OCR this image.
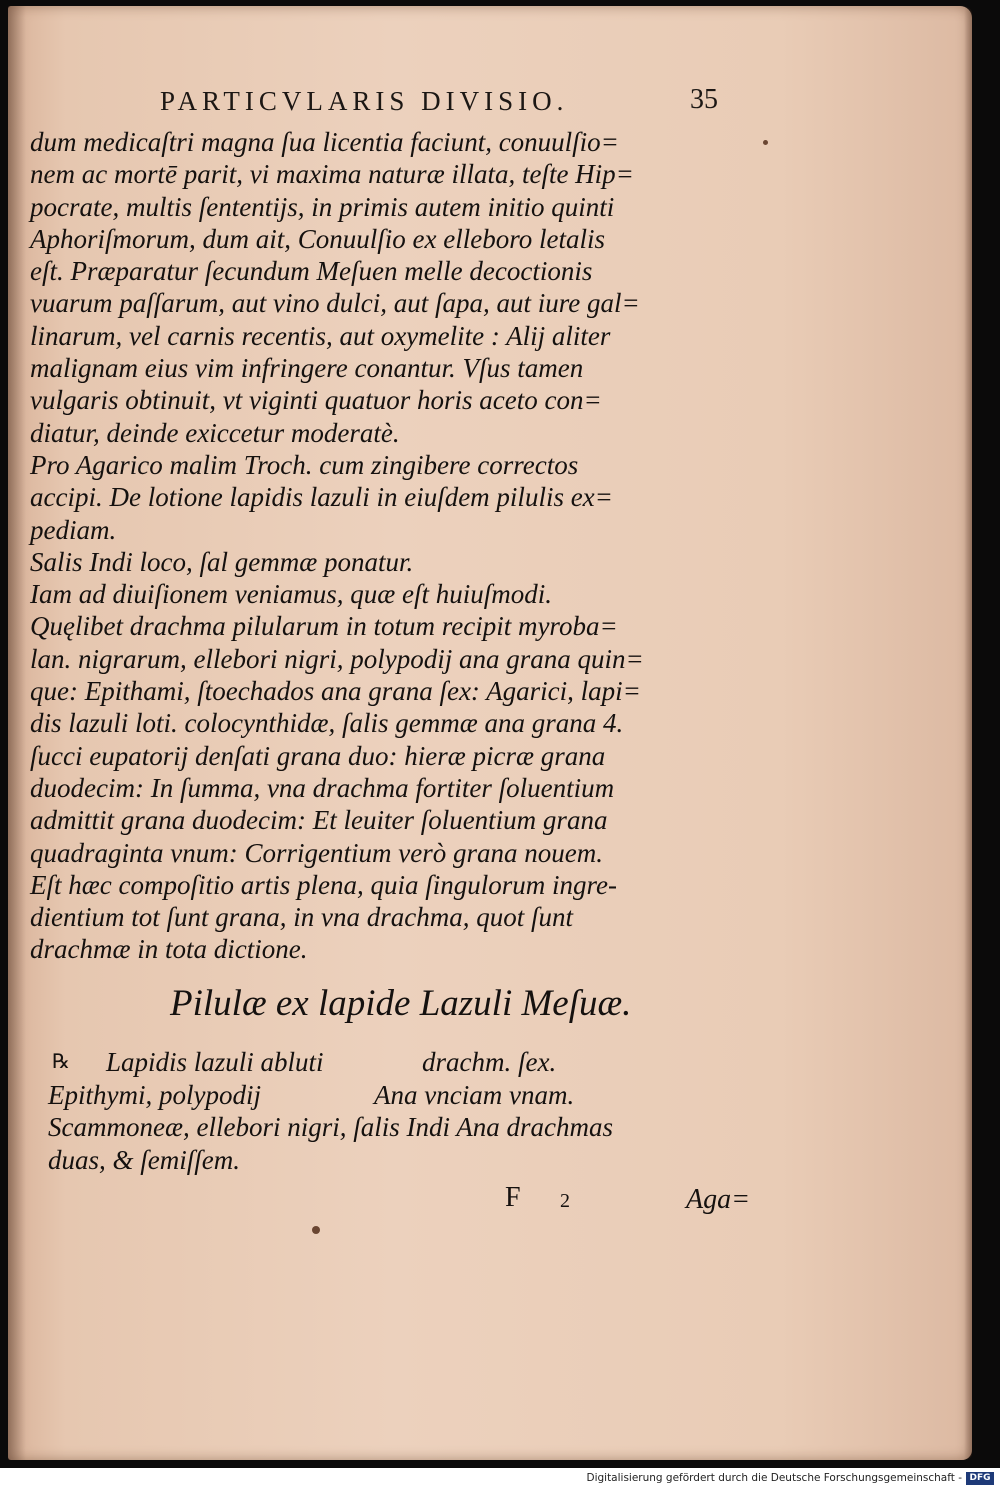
PARTICVLARIS DIVISIO.	35
dum medicaſtri magna ſua licentia faciunt, conuulſio=
nem ac mortē parit, vi maxima naturæ illata, teſte Hip=
pocrate, multis ſententijs, in primis autem initio quinti
Aphoriſmorum, dum ait, Conuulſio ex elleboro letalis
eſt. Præparatur ſecundum Meſuen melle decoctionis
vuarum paſſarum, aut vino dulci, aut ſapa, aut iure gal=
linarum, vel carnis recentis, aut oxymelite : Alij aliter
malignam eius vim infringere conantur. Vſus tamen
vulgaris obtinuit, vt viginti quatuor horis aceto con=
diatur, deinde exiccetur moderatè.
Pro Agarico malim Troch. cum zingibere correctos
accipi. De lotione lapidis lazuli in eiuſdem pilulis ex=
pediam.
Salis Indi loco, ſal gemmæ ponatur.
Iam ad diuiſionem veniamus, quæ eſt huiuſmodi.
Quęlibet drachma pilularum in totum recipit myroba=
lan. nigrarum, ellebori nigri, polypodij ana grana quin=
que: Epithami, ſtoechados ana grana ſex: Agarici, lapi=
dis lazuli loti. colocynthidæ, ſalis gemmæ ana grana 4.
ſucci eupatorij denſati grana duo: hieræ picræ grana
duodecim: In ſumma, vna drachma fortiter ſoluentium
admittit grana duodecim: Et leuiter ſoluentium grana
quadraginta vnum: Corrigentium verò grana nouem.
Eſt hæc compoſitio artis plena, quia ſingulorum ingre-
dientium tot ſunt grana, in vna drachma, quot ſunt
drachmæ in tota dictione.
Pilulæ ex lapide Lazuli Meſuæ.
℞ Lapidis lazuli abluti	drachm. ſex.
Epithymi, polypodij	Ana vnciam vnam.
Scammoneæ, ellebori nigri, ſalis Indi Ana drachmas
duas, & ſemiſſem.
F 2	Aga=
Digitalisierung gefördert durch die Deutsche Forschungsgemeinschaft - DFG
